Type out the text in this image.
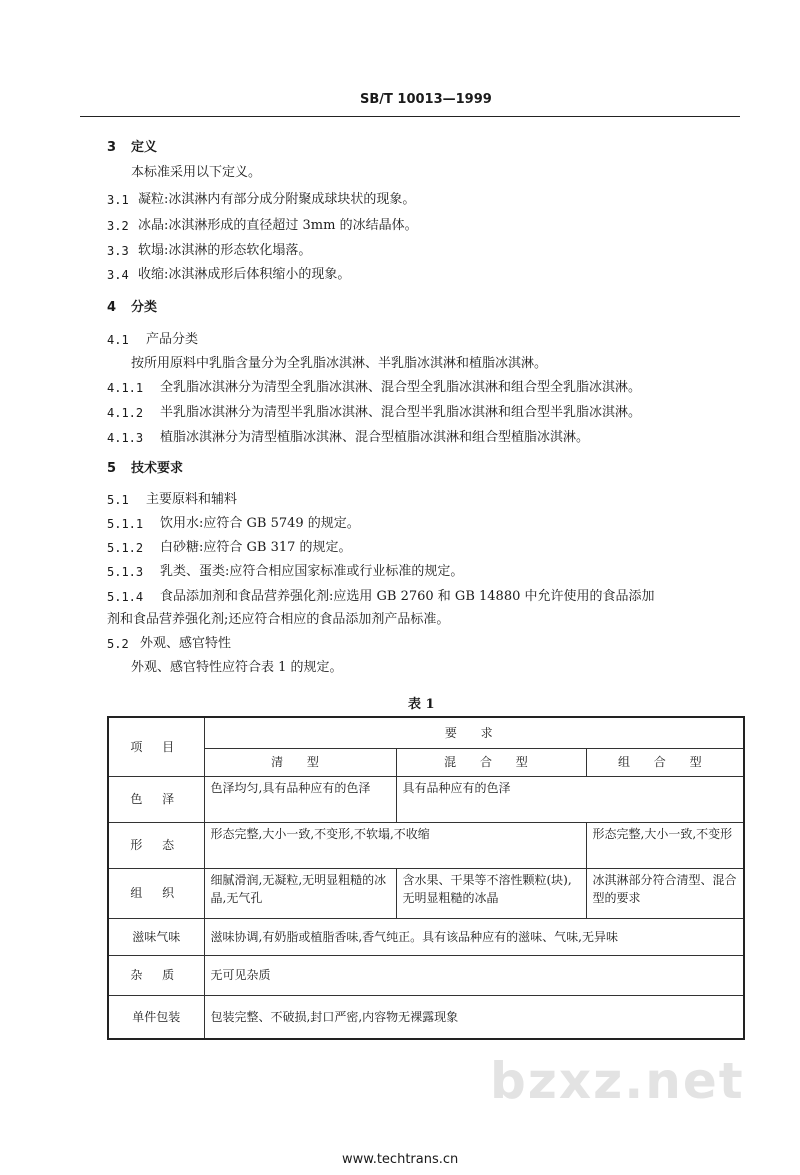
SB/T 10013—1999
3 定义
本标准采用以下定义。
3.1 凝粒:冰淇淋内有部分成分附聚成球块状的现象。
3.2 冰晶:冰淇淋形成的直径超过 3mm 的冰结晶体。
3.3 软塌:冰淇淋的形态软化塌落。
3.4 收缩:冰淇淋成形后体积缩小的现象。
4 分类
4.1 产品分类
按所用原料中乳脂含量分为全乳脂冰淇淋、半乳脂冰淇淋和植脂冰淇淋。
4.1.1 全乳脂冰淇淋分为清型全乳脂冰淇淋、混合型全乳脂冰淇淋和组合型全乳脂冰淇淋。
4.1.2 半乳脂冰淇淋分为清型半乳脂冰淇淋、混合型半乳脂冰淇淋和组合型半乳脂冰淇淋。
4.1.3 植脂冰淇淋分为清型植脂冰淇淋、混合型植脂冰淇淋和组合型植脂冰淇淋。
5 技术要求
5.1 主要原料和辅料
5.1.1 饮用水:应符合 GB 5749 的规定。
5.1.2 白砂糖:应符合 GB 317 的规定。
5.1.3 乳类、蛋类:应符合相应国家标准或行业标准的规定。
5.1.4 食品添加剂和食品营养强化剂:应选用 GB 2760 和 GB 14880 中允许使用的食品添加
剂和食品营养强化剂;还应符合相应的食品添加剂产品标准。
5.2 外观、感官特性
外观、感官特性应符合表 1 的规定。
表 1
项 目	要 求		
	清 型	混 合 型	组 合 型
色 泽	色泽均匀,具有品种应有的色泽	具有品种应有的色泽	
形 态	形态完整,大小一致,不变形,不软塌,不收缩		形态完整,大小一致,不变形
组 织	细腻滑润,无凝粒,无明显粗糙的冰晶,无气孔	含水果、干果等不溶性颗粒(块),无明显粗糙的冰晶	冰淇淋部分符合清型、混合型的要求
滋味气味	滋味协调,有奶脂或植脂香味,香气纯正。具有该品种应有的滋味、气味,无异味		
杂 质	无可见杂质		
单件包装	包装完整、不破损,封口严密,内容物无裸露现象		
bzxz.net
www.techtrans.cn
